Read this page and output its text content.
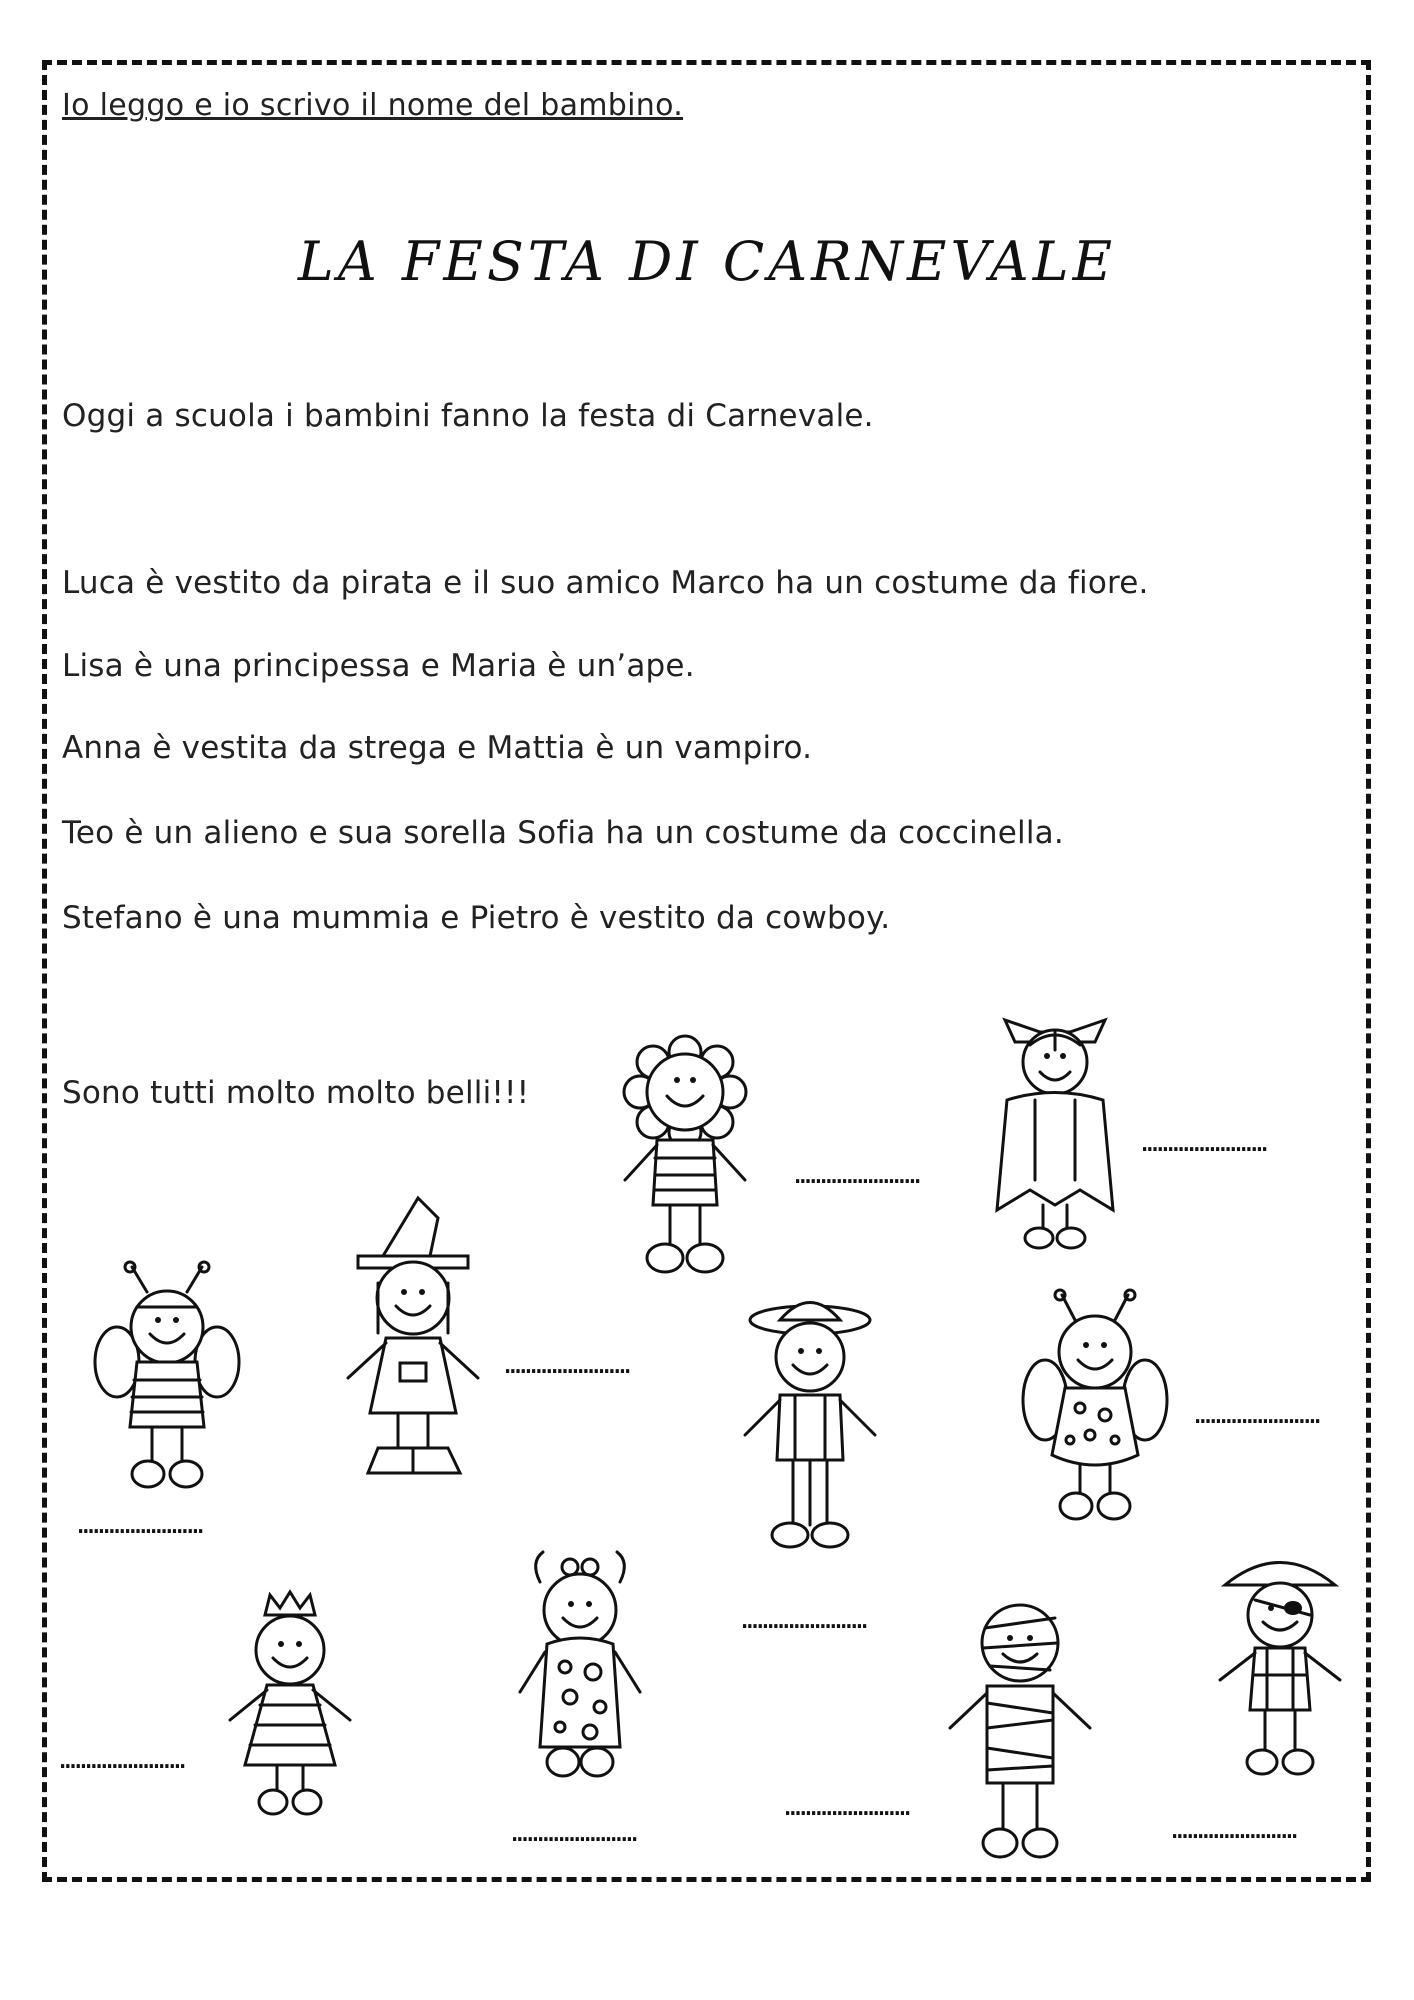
Io leggo e io scrivo il nome del bambino.
LA FESTA DI CARNEVALE
Oggi a scuola i bambini fanno la festa di Carnevale.
Luca è vestito da pirata e il suo amico Marco ha un costume da fiore.
Lisa è una principessa e Maria è un’ape.
Anna è vestita da strega e Mattia è un vampiro.
Teo è un alieno e sua sorella Sofia ha un costume da coccinella.
Stefano è una mummia e Pietro è vestito da cowboy.
Sono tutti molto molto belli!!!
……………………
……………………
……………………
……………………
……………………
……………………
……………………
……………………
……………………
……………………
